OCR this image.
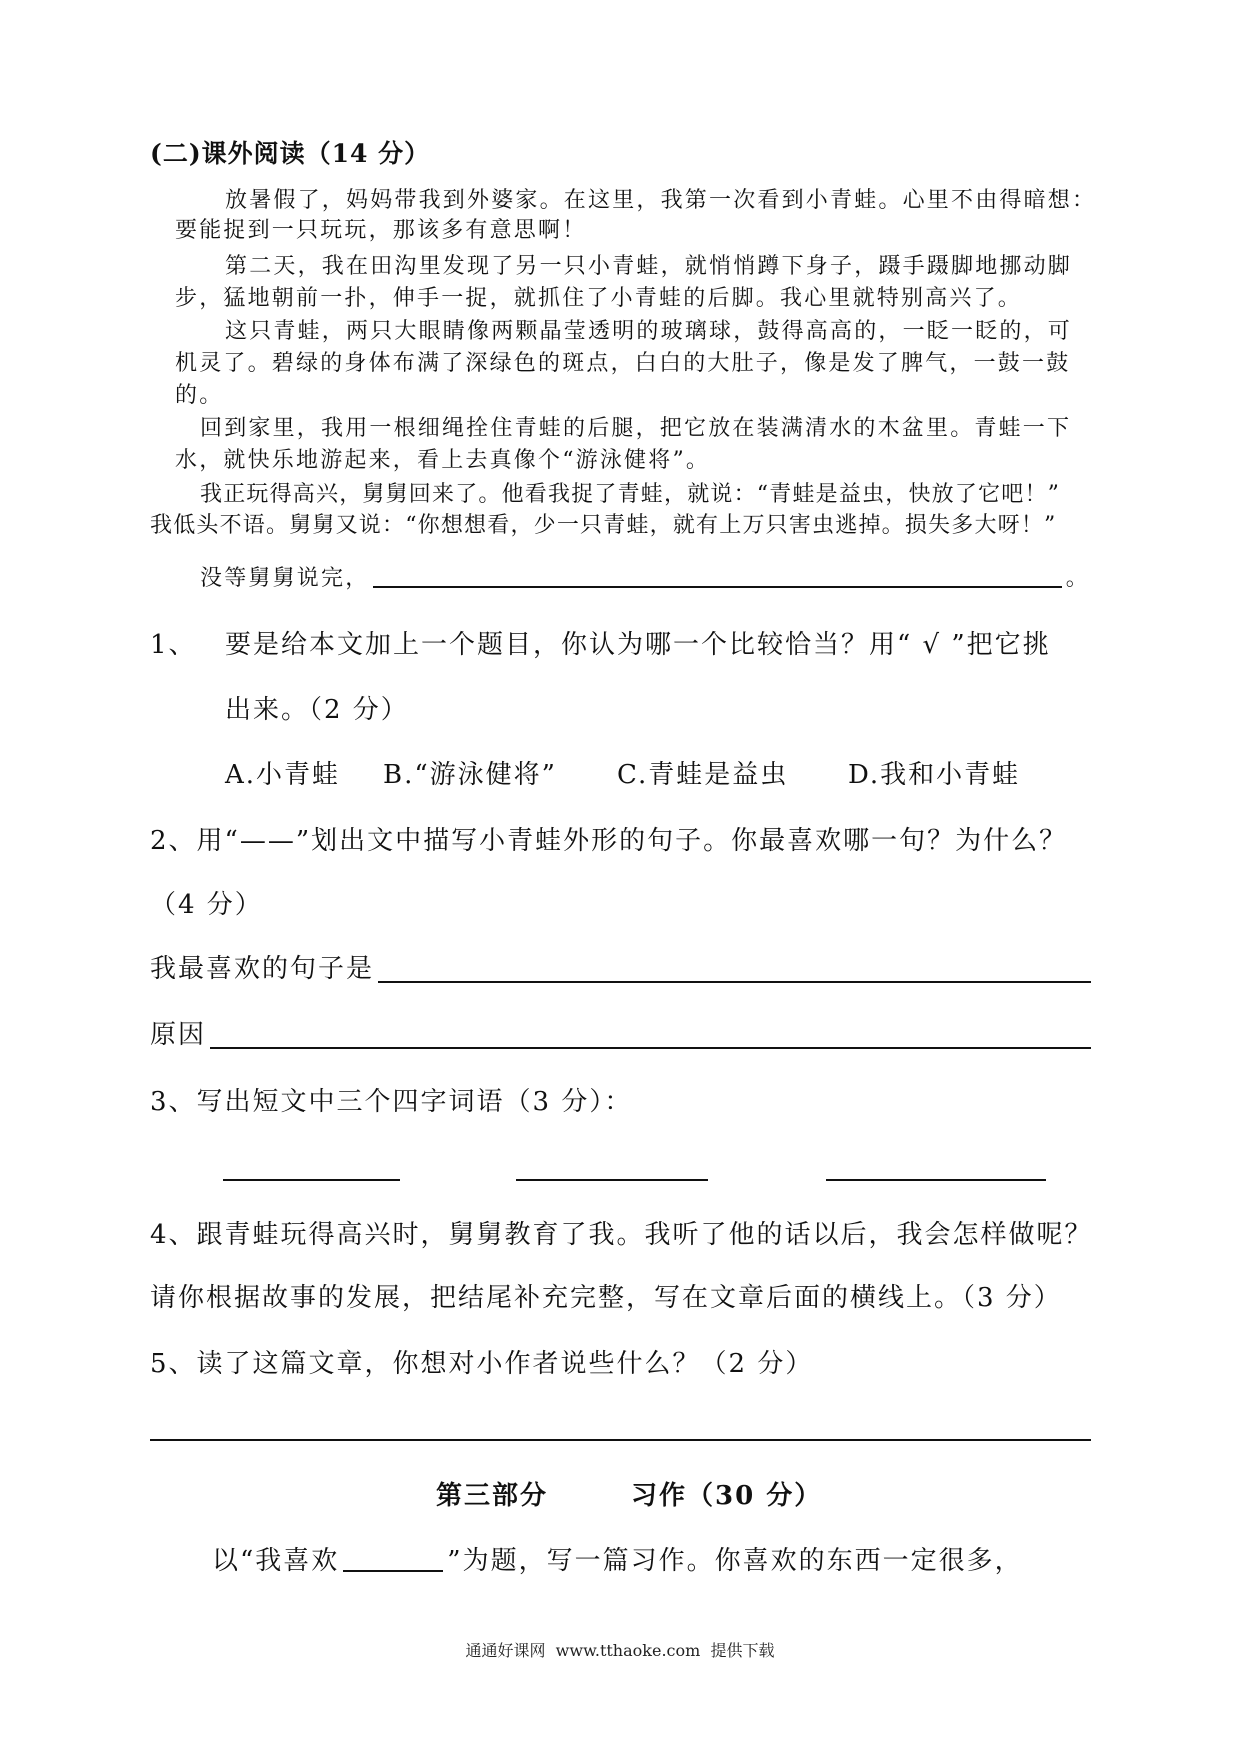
(二)课外阅读（14 分）
放暑假了，妈妈带我到外婆家。在这里，我第一次看到小青蛙。心里不由得暗想：
要能捉到一只玩玩，那该多有意思啊！
第二天，我在田沟里发现了另一只小青蛙，就悄悄蹲下身子，蹑手蹑脚地挪动脚
步，猛地朝前一扑，伸手一捉，就抓住了小青蛙的后脚。我心里就特别高兴了。
这只青蛙，两只大眼睛像两颗晶莹透明的玻璃球，鼓得高高的，一眨一眨的，可
机灵了。碧绿的身体布满了深绿色的斑点，白白的大肚子，像是发了脾气，一鼓一鼓
的。
回到家里，我用一根细绳拴住青蛙的后腿，把它放在装满清水的木盆里。青蛙一下
水，就快乐地游起来，看上去真像个“游泳健将”。
我正玩得高兴，舅舅回来了。他看我捉了青蛙，就说：“青蛙是益虫，快放了它吧！”
我低头不语。舅舅又说：“你想想看，少一只青蛙，就有上万只害虫逃掉。损失多大呀！”
没等舅舅说完，	。
1、 要是给本文加上一个题目，你认为哪一个比较恰当？用“ √ ”把它挑
出来。（2 分）
A.小青蛙 B.“游泳健将” C.青蛙是益虫 D.我和小青蛙
2、用“——”划出文中描写小青蛙外形的句子。你最喜欢哪一句？为什么？
（4 分）
我最喜欢的句子是
原因
3、写出短文中三个四字词语（3 分）：
4、跟青蛙玩得高兴时，舅舅教育了我。我听了他的话以后，我会怎样做呢？
请你根据故事的发展，把结尾补充完整，写在文章后面的横线上。（3 分）
5、读了这篇文章，你想对小作者说些什么？（2 分）
第三部分	习作（30 分）
以“我喜欢	”为题，写一篇习作。你喜欢的东西一定很多，
通通好课网  www.tthaoke.com  提供下载
